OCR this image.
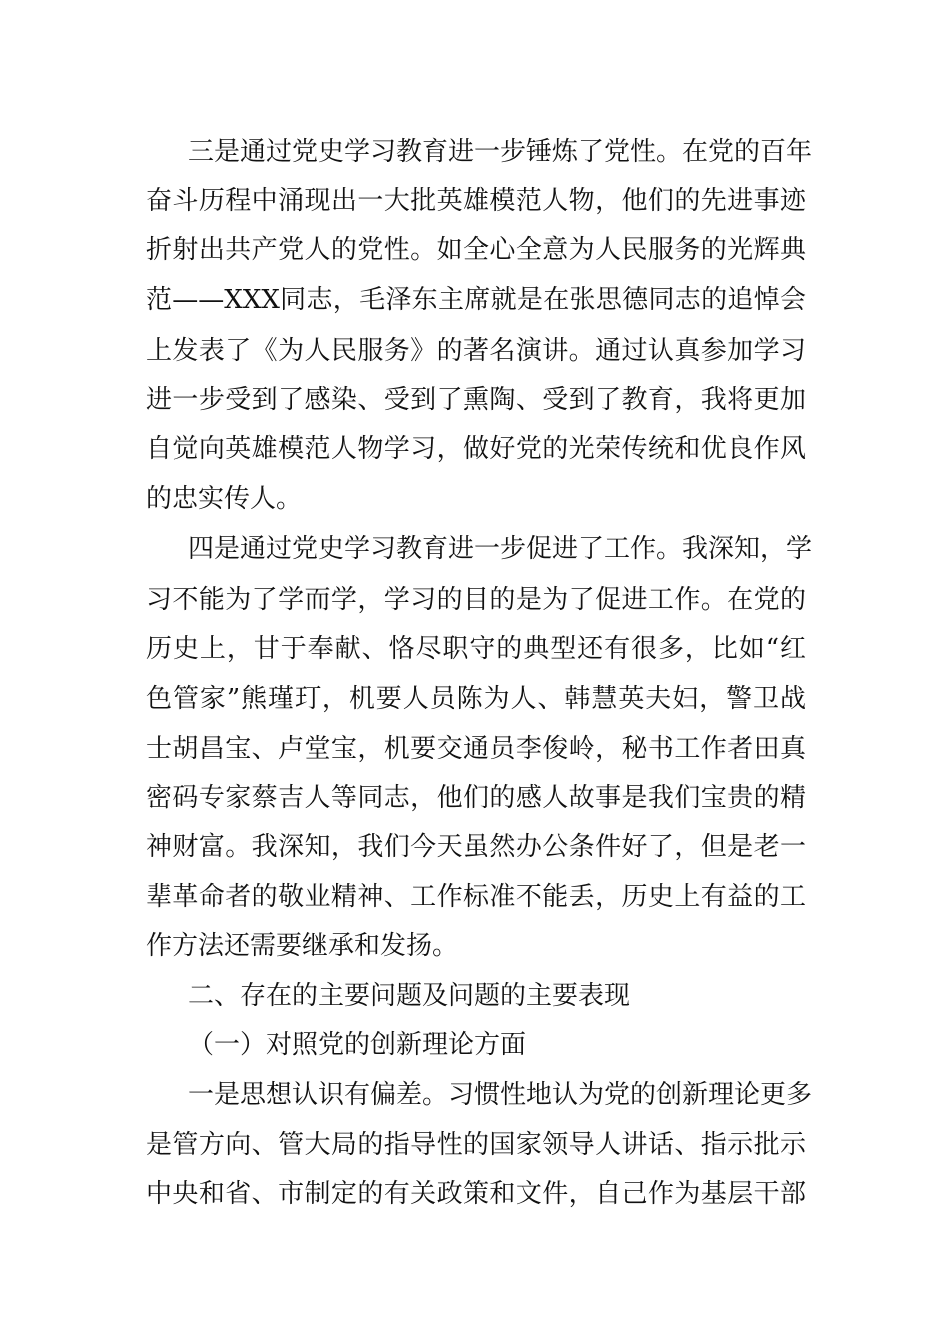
三是通过党史学习教育进一步锤炼了党性。在党的百年
奋斗历程中涌现出一大批英雄模范人物，他们的先进事迹
折射出共产党人的党性。如全心全意为人民服务的光辉典
范——XXX同志，毛泽东主席就是在张思德同志的追悼会
上发表了《为人民服务》的著名演讲。通过认真参加学习
进一步受到了感染、受到了熏陶、受到了教育，我将更加
自觉向英雄模范人物学习，做好党的光荣传统和优良作风
的忠实传人。
四是通过党史学习教育进一步促进了工作。我深知，学
习不能为了学而学，学习的目的是为了促进工作。在党的
历史上，甘于奉献、恪尽职守的典型还有很多，比如“红
色管家”熊瑾玎，机要人员陈为人、韩慧英夫妇，警卫战
士胡昌宝、卢堂宝，机要交通员李俊岭，秘书工作者田真
密码专家蔡吉人等同志，他们的感人故事是我们宝贵的精
神财富。我深知，我们今天虽然办公条件好了，但是老一
辈革命者的敬业精神、工作标准不能丢，历史上有益的工
作方法还需要继承和发扬。
二、存在的主要问题及问题的主要表现
（一）对照党的创新理论方面
一是思想认识有偏差。习惯性地认为党的创新理论更多
是管方向、管大局的指导性的国家领导人讲话、指示批示
中央和省、市制定的有关政策和文件，自己作为基层干部
